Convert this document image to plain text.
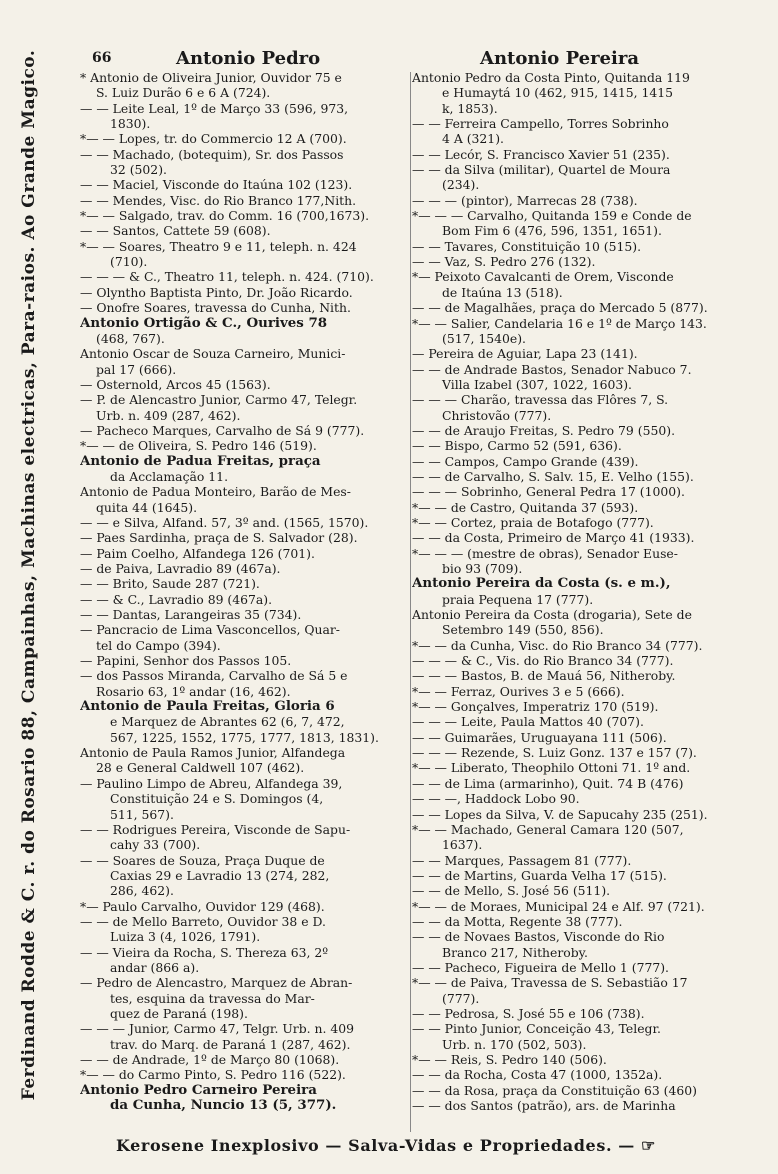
66	Antonio Pedro	Antonio Pereira
Ferdinand Rodde & C. r. do Rosario 88, Campainhas, Machinas electricas, Para-raios. Ao Grande Magico.	* Antonio de Oliveira Junior, Ouvidor 75 e
S. Luiz Durão 6 e 6 A (724).
— — Leite Leal, 1º de Março 33 (596, 973,
1830).
*— — Lopes, tr. do Commercio 12 A (700).
— — Machado, (botequim), Sr. dos Passos
32 (502).
— — Maciel, Visconde do Itaúna 102 (123).
— — Mendes, Visc. do Rio Branco 177,Nith.
*— — Salgado, trav. do Comm. 16 (700,1673).
— — Santos, Cattete 59 (608).
*— — Soares, Theatro 9 e 11, teleph. n. 424
(710).
— — — & C., Theatro 11, teleph. n. 424. (710).
— Olyntho Baptista Pinto, Dr. João Ricardo.
— Onofre Soares, travessa do Cunha, Nith.
Antonio Ortigão & C., Ourives 78
(468, 767).
Antonio Oscar de Souza Carneiro, Munici-
pal 17 (666).
— Osternold, Arcos 45 (1563).
— P. de Alencastro Junior, Carmo 47, Telegr.
Urb. n. 409 (287, 462).
— Pacheco Marques, Carvalho de Sá 9 (777).
*— — de Oliveira, S. Pedro 146 (519).
Antonio de Padua Freitas, praça
da Acclamação 11.
Antonio de Padua Monteiro, Barão de Mes-
quita 44 (1645).
— — e Silva, Alfand. 57, 3º and. (1565, 1570).
— Paes Sardinha, praça de S. Salvador (28).
— Paim Coelho, Alfandega 126 (701).
— de Paiva, Lavradio 89 (467a).
— — Brito, Saude 287 (721).
— — & C., Lavradio 89 (467a).
— — Dantas, Larangeiras 35 (734).
— Pancracio de Lima Vasconcellos, Quar-
tel do Campo (394).
— Papini, Senhor dos Passos 105.
— dos Passos Miranda, Carvalho de Sá 5 e
Rosario 63, 1º andar (16, 462).
Antonio de Paula Freitas, Gloria 6
e Marquez de Abrantes 62 (6, 7, 472,
567, 1225, 1552, 1775, 1777, 1813, 1831).
Antonio de Paula Ramos Junior, Alfandega
28 e General Caldwell 107 (462).
— Paulino Limpo de Abreu, Alfandega 39,
Constituição 24 e S. Domingos (4,
511, 567).
— — Rodrigues Pereira, Visconde de Sapu-
cahy 33 (700).
— — Soares de Souza, Praça Duque de
Caxias 29 e Lavradio 13 (274, 282,
286, 462).
*— Paulo Carvalho, Ouvidor 129 (468).
— — de Mello Barreto, Ouvidor 38 e D.
Luiza 3 (4, 1026, 1791).
— — Vieira da Rocha, S. Thereza 63, 2º
andar (866 a).
— Pedro de Alencastro, Marquez de Abran-
tes, esquina da travessa do Mar-
quez de Paraná (198).
— — — Junior, Carmo 47, Telgr. Urb. n. 409
trav. do Marq. de Paraná 1 (287, 462).
— — de Andrade, 1º de Março 80 (1068).
*— — do Carmo Pinto, S. Pedro 116 (522).
Antonio Pedro Carneiro Pereira
da Cunha, Nuncio 13 (5, 377).
Antonio Pedro da Costa Pinto, Quitanda 119
e Humaytá 10 (462, 915, 1415, 1415
k, 1853).
— — Ferreira Campello, Torres Sobrinho
4 A (321).
— — Lecór, S. Francisco Xavier 51 (235).
— — da Silva (militar), Quartel de Moura
(234).
— — — (pintor), Marrecas 28 (738).
*— — — Carvalho, Quitanda 159 e Conde de
Bom Fim 6 (476, 596, 1351, 1651).
— — Tavares, Constituição 10 (515).
— — Vaz, S. Pedro 276 (132).
*— Peixoto Cavalcanti de Orem, Visconde
de Itaúna 13 (518).
— — de Magalhães, praça do Mercado 5 (877).
*— — Salier, Candelaria 16 e 1º de Março 143.
(517, 1540e).
— Pereira de Aguiar, Lapa 23 (141).
— — de Andrade Bastos, Senador Nabuco 7.
Villa Izabel (307, 1022, 1603).
— — — Charão, travessa das Flôres 7, S.
Christovão (777).
— — de Araujo Freitas, S. Pedro 79 (550).
— — Bispo, Carmo 52 (591, 636).
— — Campos, Campo Grande (439).
— — de Carvalho, S. Salv. 15, E. Velho (155).
— — — Sobrinho, General Pedra 17 (1000).
*— — de Castro, Quitanda 37 (593).
*— — Cortez, praia de Botafogo (777).
— — da Costa, Primeiro de Março 41 (1933).
*— — — (mestre de obras), Senador Euse-
bio 93 (709).
Antonio Pereira da Costa (s. e m.),
praia Pequena 17 (777).
Antonio Pereira da Costa (drogaria), Sete de
Setembro 149 (550, 856).
*— — da Cunha, Visc. do Rio Branco 34 (777).
— — — & C., Vis. do Rio Branco 34 (777).
— — — Bastos, B. de Mauá 56, Nitheroby.
*— — Ferraz, Ourives 3 e 5 (666).
*— — Gonçalves, Imperatriz 170 (519).
— — — Leite, Paula Mattos 40 (707).
— — Guimarães, Uruguayana 111 (506).
— — — Rezende, S. Luiz Gonz. 137 e 157 (7).
*— — Liberato, Theophilo Ottoni 71. 1º and.
— — de Lima (armarinho), Quit. 74 B (476)
— — —, Haddock Lobo 90.
— — Lopes da Silva, V. de Sapucahy 235 (251).
*— — Machado, General Camara 120 (507,
1637).
— — Marques, Passagem 81 (777).
— — de Martins, Guarda Velha 17 (515).
— — de Mello, S. José 56 (511).
*— — de Moraes, Municipal 24 e Alf. 97 (721).
— — da Motta, Regente 38 (777).
— — de Novaes Bastos, Visconde do Rio
Branco 217, Nitheroby.
— — Pacheco, Figueira de Mello 1 (777).
*— — de Paiva, Travessa de S. Sebastião 17
(777).
— — Pedrosa, S. José 55 e 106 (738).
— — Pinto Junior, Conceição 43, Telegr.
Urb. n. 170 (502, 503).
*— — Reis, S. Pedro 140 (506).
— — da Rocha, Costa 47 (1000, 1352a).
— — da Rosa, praça da Constituição 63 (460)
— — dos Santos (patrão), ars. de Marinha
Kerosene Inexplosivo — Salva-Vidas e Propriedades. — ☞
